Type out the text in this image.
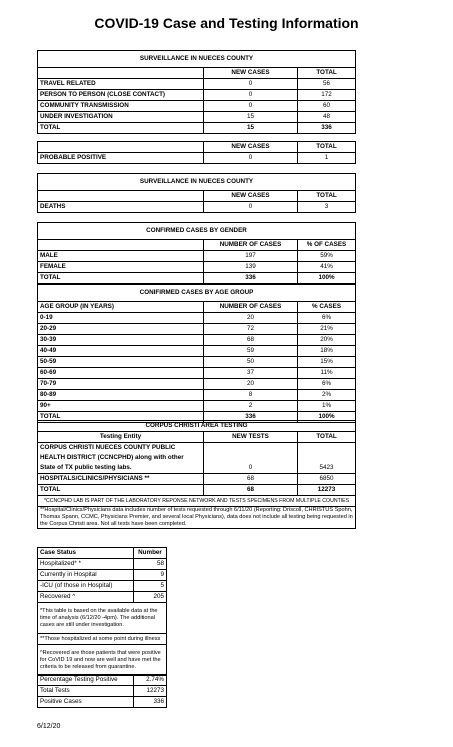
COVID-19 Case and Testing Information
SURVEILLANCE IN NUECES COUNTY		
	NEW CASES	TOTAL
TRAVEL RELATED	0	56
PERSON TO PERSON (CLOSE CONTACT)	0	172
COMMUNITY TRANSMISSION	0	60
UNDER INVESTIGATION	15	48
TOTAL	15	336
	NEW CASES	TOTAL
PROBABLE POSITIVE	0	1
SURVEILLANCE IN NUECES COUNTY		
	NEW CASES	TOTAL
DEATHS	0	3
CONFIRMED CASES BY GENDER		
	NUMBER OF CASES	% OF CASES
MALE	197	59%
FEMALE	139	41%
TOTAL	336	100%
CONIFIRMED CASES BY AGE GROUP		
AGE GROUP (IN YEARS)	NUMBER OF CASES	% CASES
0-19	20	6%
20-29	72	21%
30-39	68	20%
40-49	59	18%
50-59	50	15%
60-69	37	11%
70-79	20	6%
80-89	8	2%
90+	2	1%
TOTAL	336	100%
CORPUS CHRISTI AREA TESTING		
Testing Entity	NEW TESTS	TOTAL
CORPUS CHRISTI NUECES COUNTY PUBLIC		
HEALTH DISTRICT (CCNCPHD) along with other		
State of TX public testing labs.	0	5423
HOSPITALS/CLINICS/PHYSICIANS **	68	6850
TOTAL	68	12273
*CCNCPHD LAB IS PART OF THE LABORATORY REPONSE NETWORK AND TESTS SPECIMENS FROM MULTIPLE COUNTIES		
**Hospital/Clinics/Physicians data includes number of tests requested through 6/11/20 (Reporting: Driscoll, CHRISTUS Spohn, Thomas Spann, CCMC, Physicians Premier, and several local Physicians), data does not include all testing being requested in the Corpus Christi area. Not all tests have been completed.		
Case Status	Number
Hospitalized* *	58
Currently in Hospital	9
-ICU (of those in Hospital)	5
Recovered ^	205
*This table is based on the available data at the time of analysis (6/12/20 -4pm). The additional cases are still under investigation.	
**Those hospitalized at some point during illness	
^Recovered are those patients that were positive for CoVID 19 and now are well and have met the criteria to be released from quarantine.	
Percentage Testing Positive	2.74%
Total Tests	12273
Positive Cases	336
6/12/20
